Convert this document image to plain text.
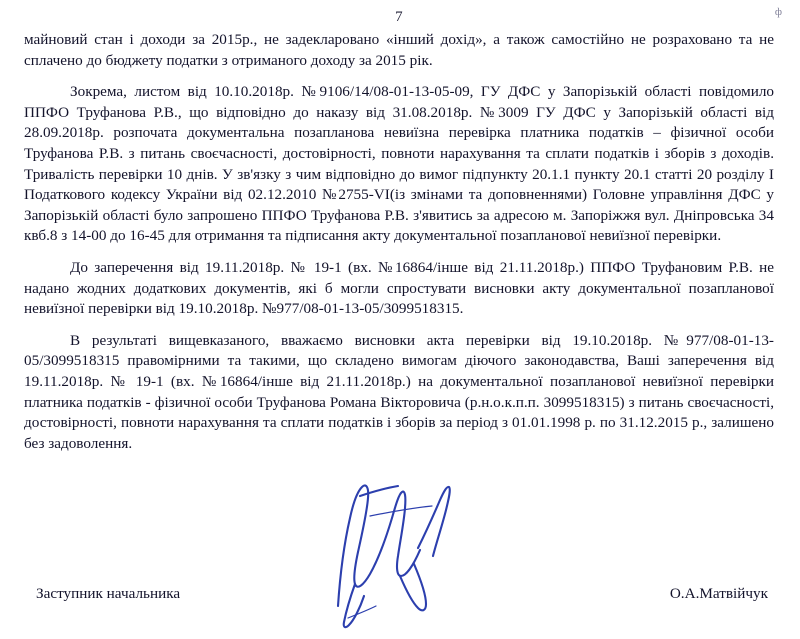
ф
7

майновий стан і доходи за 2015р., не задекларовано «інший дохід», а також самостійно не розраховано та не сплачено до бюджету податки з отриманого доходу за 2015 рік.

Зокрема, листом від 10.10.2018р. №9106/14/08-01-13-05-09, ГУ ДФС у Запорізькій області повідомило ППФО Труфанова Р.В., що відповідно до наказу від 31.08.2018р. №3009 ГУ ДФС у Запорізькій області від 28.09.2018р. розпочата документальна позапланова невиїзна перевірка платника податків – фізичної особи Труфанова Р.В. з питань своєчасності, достовірності, повноти нарахування та сплати податків і зборів з доходів. Тривалість перевірки 10 днів. У зв'язку з чим відповідно до вимог підпункту 20.1.1 пункту 20.1 статті 20 розділу І Податкового кодексу України від 02.12.2010 №2755-VI(із змінами та доповненнями) Головне управління ДФС у Запорізькій області було запрошено ППФО Труфанова Р.В. з'явитись за адресою м. Запоріжжя вул. Дніпровська 34 квб.8 з 14-00 до 16-45 для отримання та підписання акту документальної позапланової невиїзної перевірки.

До заперечення від 19.11.2018р. № 19-1 (вх. №16864/інше від 21.11.2018р.) ППФО Труфановим Р.В. не надано жодних додаткових документів, які б могли спростувати висновки акту документальної позапланової невиїзної перевірки від 19.10.2018р. №977/08-01-13-05/3099518315.

В результаті вищевказаного, вважаємо висновки акта перевірки від 19.10.2018р. №977/08-01-13-05/3099518315 правомірними та такими, що складено вимогам діючого законодавства, Ваші заперечення від 19.11.2018р. № 19-1 (вх. №16864/інше від 21.11.2018р.) на документальної позапланової невиїзної перевірки платника податків - фізичної особи Труфанова Романа Вікторовича (р.н.о.к.п.п. 3099518315) з питань своєчасності, достовірності, повноти нарахування та сплати податків і зборів за період з 01.01.1998 р. по 31.12.2015 р., залишено без задоволення.

Заступник начальника	О.А.Матвійчук
